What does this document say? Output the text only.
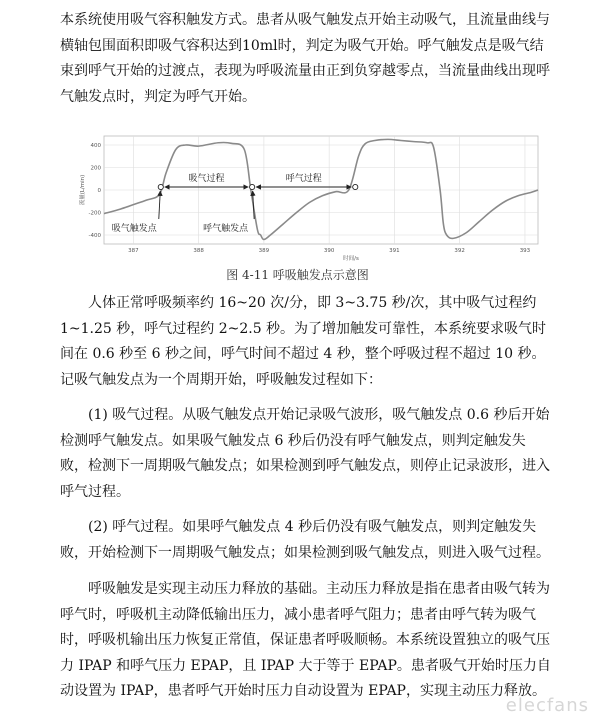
本系统使用吸气容积触发方式。患者从吸气触发点开始主动吸气，且流量曲线与横轴包围面积即吸气容积达到10ml时，判定为吸气开始。呼气触发点是吸气结束到呼气开始的过渡点，表现为呼吸流量由正到负穿越零点，当流量曲线出现呼气触发点时，判定为呼气开始。

400
200
0
-200
-400
387	388	389	390	391	392	393
时间/s
流量(L/min)	吸气过程	呼气过程
吸气触发点	呼气触发点
图 4-11 呼吸触发点示意图

人体正常呼吸频率约 16~20 次/分，即 3~3.75 秒/次，其中吸气过程约 1~1.25 秒，呼气过程约 2~2.5 秒。为了增加触发可靠性，本系统要求吸气时间在 0.6 秒至 6 秒之间，呼气时间不超过 4 秒，整个呼吸过程不超过 10 秒。记吸气触发点为一个周期开始，呼吸触发过程如下：

(1) 吸气过程。从吸气触发点开始记录吸气波形，吸气触发点 0.6 秒后开始检测呼气触发点。如果吸气触发点 6 秒后仍没有呼气触发点，则判定触发失败，检测下一周期吸气触发点；如果检测到呼气触发点，则停止记录波形，进入呼气过程。

(2) 呼气过程。如果呼气触发点 4 秒后仍没有吸气触发点，则判定触发失败，开始检测下一周期吸气触发点；如果检测到吸气触发点，则进入吸气过程。

呼吸触发是实现主动压力释放的基础。主动压力释放是指在患者由吸气转为呼气时，呼吸机主动降低输出压力，减小患者呼气阻力；患者由呼气转为吸气时，呼吸机输出压力恢复正常值，保证患者呼吸顺畅。本系统设置独立的吸气压力 IPAP 和呼气压力 EPAP，且 IPAP 大于等于 EPAP。患者吸气开始时压力自动设置为 IPAP，患者呼气开始时压力自动设置为 EPAP，实现主动压力释放。

elecfans
